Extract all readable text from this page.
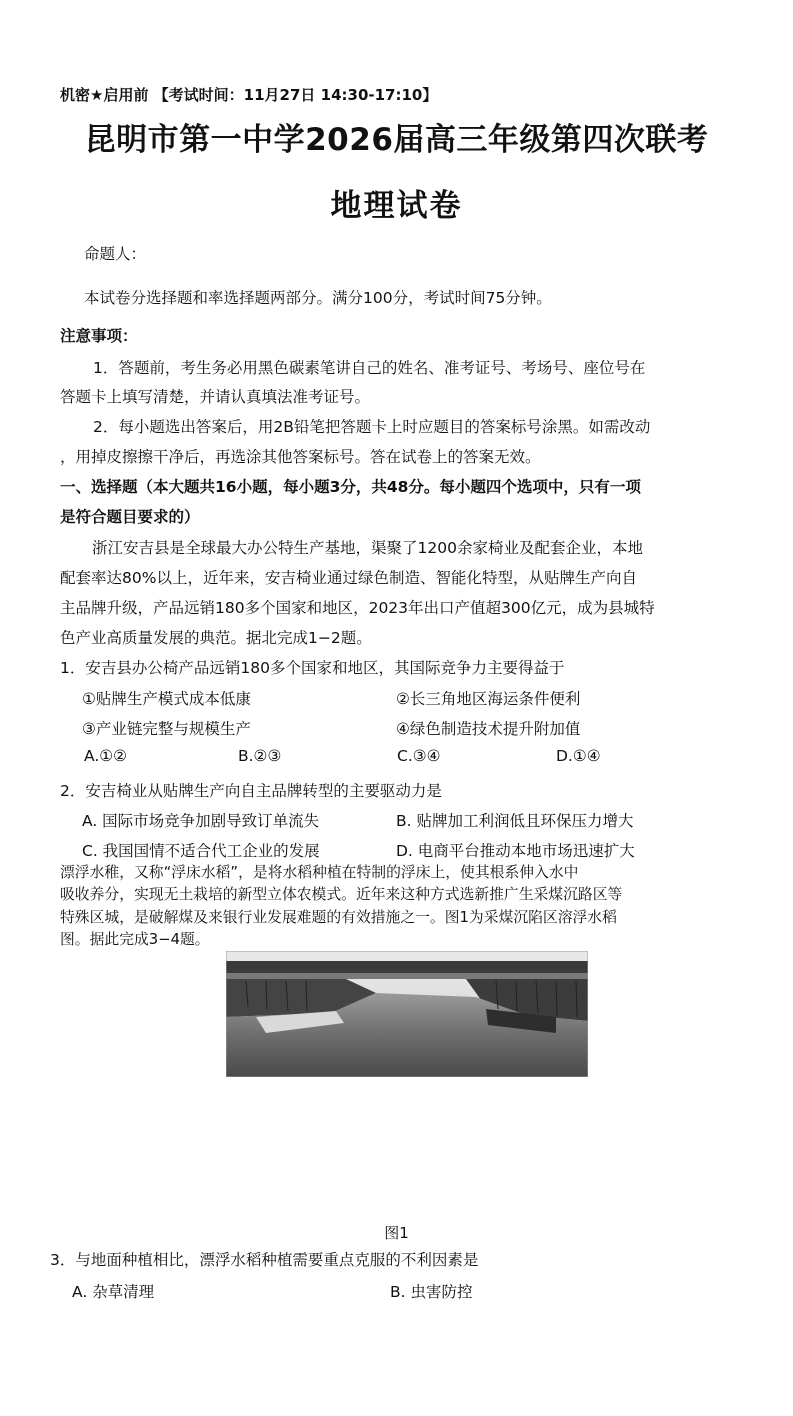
机密★启用前 【考试时间：11月27日 14:30-17:10】
昆明市第一中学2026届高三年级第四次联考
地理试卷
命题人：
本试卷分选择题和率选择题两部分。满分100分，考试时间75分钟。
注意事项：
1．答题前，考生务必用黑色碳素笔讲自己的姓名、准考证号、考场号、座位号在
答题卡上填写清楚，并请认真填法准考证号。
2．每小题选出答案后，用2B铅笔把答题卡上时应题目的答案标号涂黑。如需改动
，用掉皮擦擦干净后，再选涂其他答案标号。答在试卷上的答案无效。
一、选择题（本大题共16小题，每小题3分，共48分。每小题四个选项中，只有一项
是符合题目要求的）
浙江安吉县是全球最大办公特生产基地，渠聚了1200余家椅业及配套企业，本地
配套率达80%以上，近年来，安吉椅业通过绿色制造、智能化特型，从贴牌生产向自
主品牌升级，产品远销180多个国家和地区，2023年出口产值超300亿元，成为县城特
色产业高质量发展的典范。据北完成1−2题。
1．安吉县办公椅产品远销180多个国家和地区，其国际竞争力主要得益于
①贴牌生产模式成本低康	②长三角地区海运条件便利
③产业链完整与规模生产	④绿色制造技术提升附加值
A.①②	B.②③	C.③④	D.①④
2．安吉椅业从贴牌生产向自主品牌转型的主要驱动力是
A. 国际市场竞争加剧导致订单流失	B. 贴牌加工利润低且环保压力增大
C. 我国国情不适合代工企业的发展	D. 电商平台推动本地市场迅速扩大
漂浮水稚，又称“浮床水稻”，是将水稻种植在特制的浮床上，使其根系伸入水中
吸收养分，实现无土栽培的新型立体农模式。近年来这种方式选新推广生采煤沉路区等
特殊区城，是破解煤及来银行业发展难题的有效措施之一。图1为采煤沉陷区溶浮水稻
图。据此完成3−4题。
图1
3．与地面种植相比，漂浮水稻种植需要重点克服的不利因素是
A. 杂草清理	B. 虫害防控
